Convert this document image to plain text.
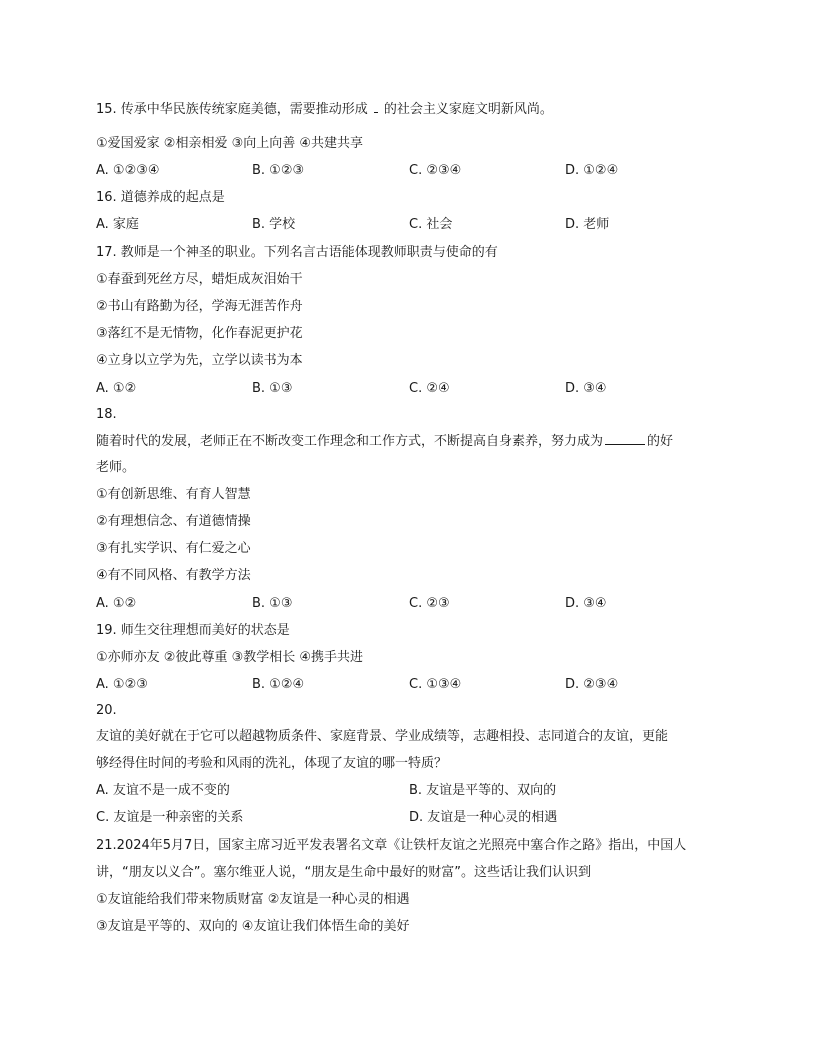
15. 传承中华民族传统家庭美德，需要推动形成 的社会主义家庭文明新风尚。
①爱国爱家 ②相亲相爱 ③向上向善 ④共建共享
A. ①②③④	B. ①②③	C. ②③④	D. ①②④
16. 道德养成的起点是
A. 家庭	B. 学校	C. 社会	D. 老师
17. 教师是一个神圣的职业。下列名言古语能体现教师职责与使命的有
①春蚕到死丝方尽，蜡炬成灰泪始干
②书山有路勤为径，学海无涯苦作舟
③落红不是无情物，化作春泥更护花
④立身以立学为先，立学以读书为本
A. ①②	B. ①③	C. ②④	D. ③④
18.
随着时代的发展，老师正在不断改变工作理念和工作方式，不断提高自身素养，努力成为	的好
老师。
①有创新思维、有育人智慧
②有理想信念、有道德情操
③有扎实学识、有仁爱之心
④有不同风格、有教学方法
A. ①②	B. ①③	C. ②③	D. ③④
19. 师生交往理想而美好的状态是
①亦师亦友 ②彼此尊重 ③教学相长 ④携手共进
A. ①②③	B. ①②④	C. ①③④	D. ②③④
20.
友谊的美好就在于它可以超越物质条件、家庭背景、学业成绩等，志趣相投、志同道合的友谊，更能
够经得住时间的考验和风雨的洗礼，体现了友谊的哪一特质？
A. 友谊不是一成不变的	B. 友谊是平等的、双向的
C. 友谊是一种亲密的关系	D. 友谊是一种心灵的相遇
21.2024年5月7日，国家主席习近平发表署名文章《让铁杆友谊之光照亮中塞合作之路》指出，中国人
讲，“朋友以义合”。塞尔维亚人说，“朋友是生命中最好的财富”。这些话让我们认识到
①友谊能给我们带来物质财富 ②友谊是一种心灵的相遇
③友谊是平等的、双向的 ④友谊让我们体悟生命的美好
